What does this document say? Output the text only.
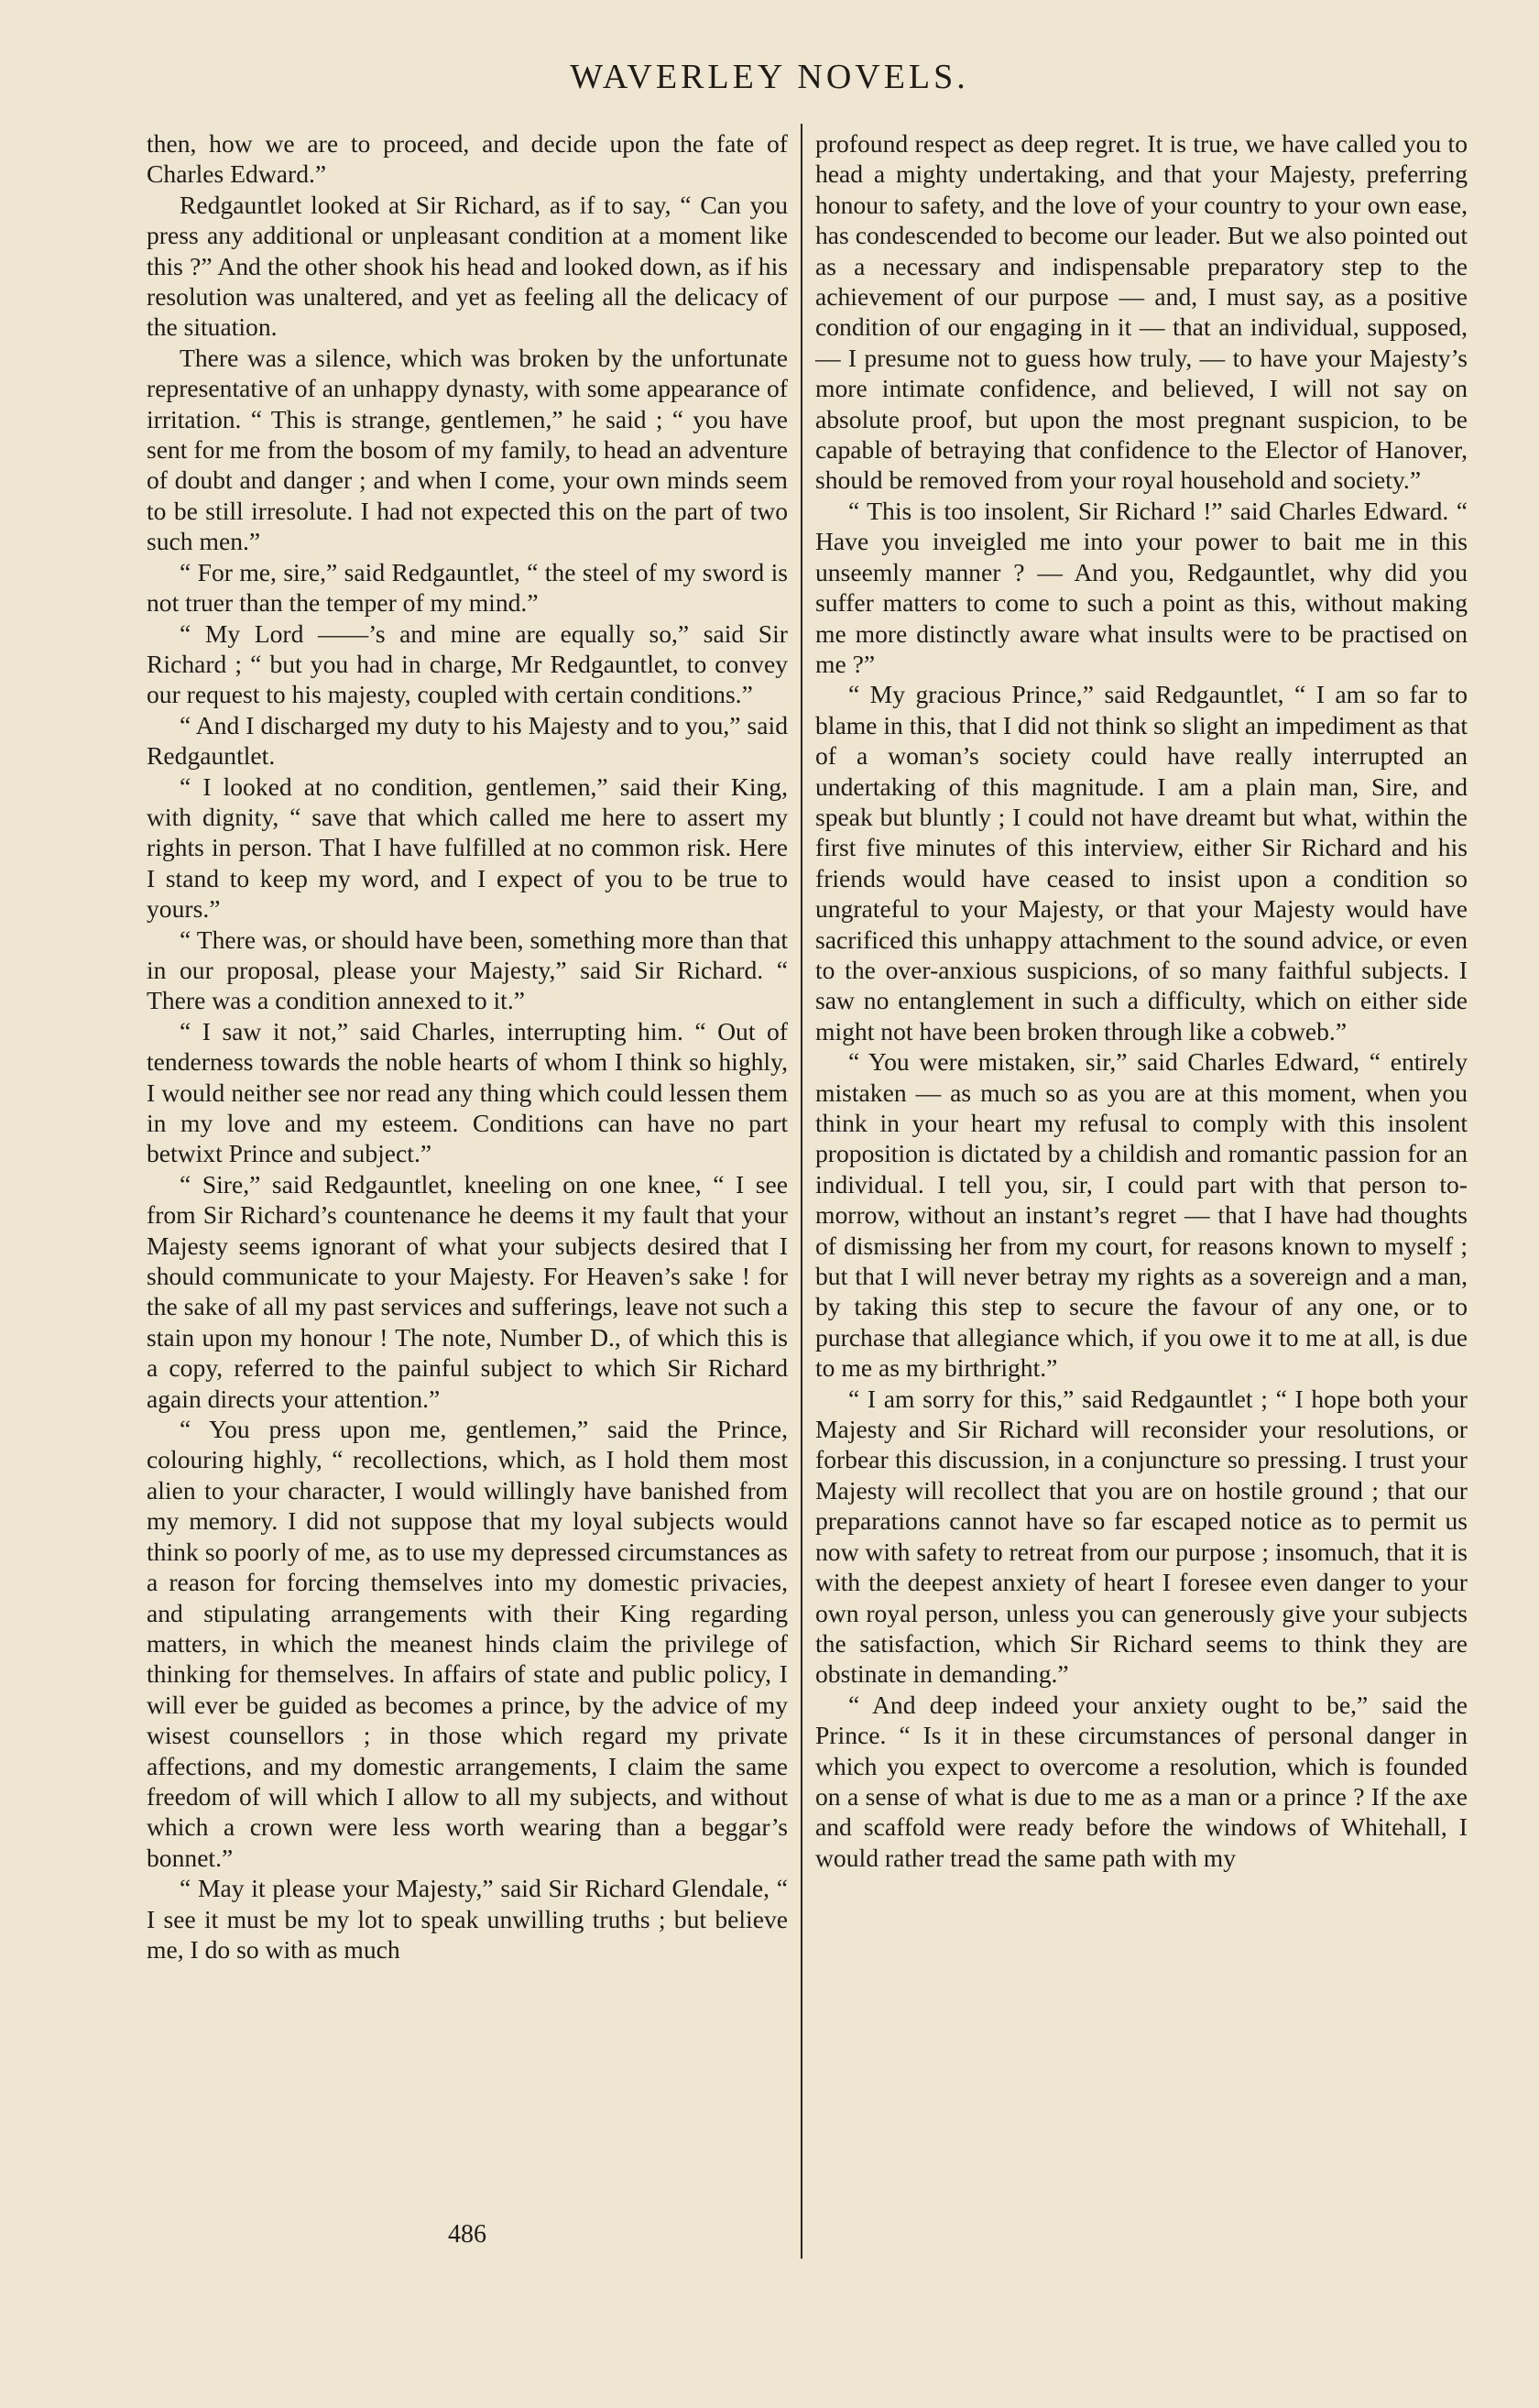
WAVERLEY NOVELS.

then, how we are to proceed, and decide upon the fate of Charles Edward.”

Redgauntlet looked at Sir Richard, as if to say, “ Can you press any additional or unpleasant condition at a moment like this ?” And the other shook his head and looked down, as if his resolution was unaltered, and yet as feeling all the delicacy of the situation.

There was a silence, which was broken by the unfortunate representative of an unhappy dynasty, with some appearance of irritation. “ This is strange, gentlemen,” he said ; “ you have sent for me from the bosom of my family, to head an adventure of doubt and danger ; and when I come, your own minds seem to be still irresolute. I had not expected this on the part of two such men.”

“ For me, sire,” said Redgauntlet, “ the steel of my sword is not truer than the temper of my mind.”

“ My Lord ——’s and mine are equally so,” said Sir Richard ; “ but you had in charge, Mr Redgauntlet, to convey our request to his majesty, coupled with certain conditions.”

“ And I discharged my duty to his Majesty and to you,” said Redgauntlet.

“ I looked at no condition, gentlemen,” said their King, with dignity, “ save that which called me here to assert my rights in person. That I have fulfilled at no common risk. Here I stand to keep my word, and I expect of you to be true to yours.”

“ There was, or should have been, something more than that in our proposal, please your Majesty,” said Sir Richard. “ There was a condition annexed to it.”

“ I saw it not,” said Charles, interrupting him. “ Out of tenderness towards the noble hearts of whom I think so highly, I would neither see nor read any thing which could lessen them in my love and my esteem. Conditions can have no part betwixt Prince and subject.”

“ Sire,” said Redgauntlet, kneeling on one knee, “ I see from Sir Richard’s countenance he deems it my fault that your Majesty seems ignorant of what your subjects desired that I should communicate to your Majesty. For Heaven’s sake ! for the sake of all my past services and sufferings, leave not such a stain upon my honour ! The note, Number D., of which this is a copy, referred to the painful subject to which Sir Richard again directs your attention.”

“ You press upon me, gentlemen,” said the Prince, colouring highly, “ recollections, which, as I hold them most alien to your character, I would willingly have banished from my memory. I did not suppose that my loyal subjects would think so poorly of me, as to use my depressed circumstances as a reason for forcing themselves into my domestic privacies, and stipulating arrangements with their King regarding matters, in which the meanest hinds claim the privilege of thinking for themselves. In affairs of state and public policy, I will ever be guided as becomes a prince, by the advice of my wisest counsellors ; in those which regard my private affections, and my domestic arrangements, I claim the same freedom of will which I allow to all my subjects, and without which a crown were less worth wearing than a beggar’s bonnet.”

“ May it please your Majesty,” said Sir Richard Glendale, “ I see it must be my lot to speak unwilling truths ; but believe me, I do so with as much

profound respect as deep regret. It is true, we have called you to head a mighty undertaking, and that your Majesty, preferring honour to safety, and the love of your country to your own ease, has condescended to become our leader. But we also pointed out as a necessary and indispensable preparatory step to the achievement of our purpose — and, I must say, as a positive condition of our engaging in it — that an individual, supposed, — I presume not to guess how truly, — to have your Majesty’s more intimate confidence, and believed, I will not say on absolute proof, but upon the most pregnant suspicion, to be capable of betraying that confidence to the Elector of Hanover, should be removed from your royal household and society.”

“ This is too insolent, Sir Richard !” said Charles Edward. “ Have you inveigled me into your power to bait me in this unseemly manner ? — And you, Redgauntlet, why did you suffer matters to come to such a point as this, without making me more distinctly aware what insults were to be practised on me ?”

“ My gracious Prince,” said Redgauntlet, “ I am so far to blame in this, that I did not think so slight an impediment as that of a woman’s society could have really interrupted an undertaking of this magnitude. I am a plain man, Sire, and speak but bluntly ; I could not have dreamt but what, within the first five minutes of this interview, either Sir Richard and his friends would have ceased to insist upon a condition so ungrateful to your Majesty, or that your Majesty would have sacrificed this unhappy attachment to the sound advice, or even to the over-anxious suspicions, of so many faithful subjects. I saw no entanglement in such a difficulty, which on either side might not have been broken through like a cobweb.”

“ You were mistaken, sir,” said Charles Edward, “ entirely mistaken — as much so as you are at this moment, when you think in your heart my refusal to comply with this insolent proposition is dictated by a childish and romantic passion for an individual. I tell you, sir, I could part with that person to-morrow, without an instant’s regret — that I have had thoughts of dismissing her from my court, for reasons known to myself ; but that I will never betray my rights as a sovereign and a man, by taking this step to secure the favour of any one, or to purchase that allegiance which, if you owe it to me at all, is due to me as my birthright.”

“ I am sorry for this,” said Redgauntlet ; “ I hope both your Majesty and Sir Richard will reconsider your resolutions, or forbear this discussion, in a conjuncture so pressing. I trust your Majesty will recollect that you are on hostile ground ; that our preparations cannot have so far escaped notice as to permit us now with safety to retreat from our purpose ; insomuch, that it is with the deepest anxiety of heart I foresee even danger to your own royal person, unless you can generously give your subjects the satisfaction, which Sir Richard seems to think they are obstinate in demanding.”

“ And deep indeed your anxiety ought to be,” said the Prince. “ Is it in these circumstances of personal danger in which you expect to overcome a resolution, which is founded on a sense of what is due to me as a man or a prince ? If the axe and scaffold were ready before the windows of Whitehall, I would rather tread the same path with my

486
